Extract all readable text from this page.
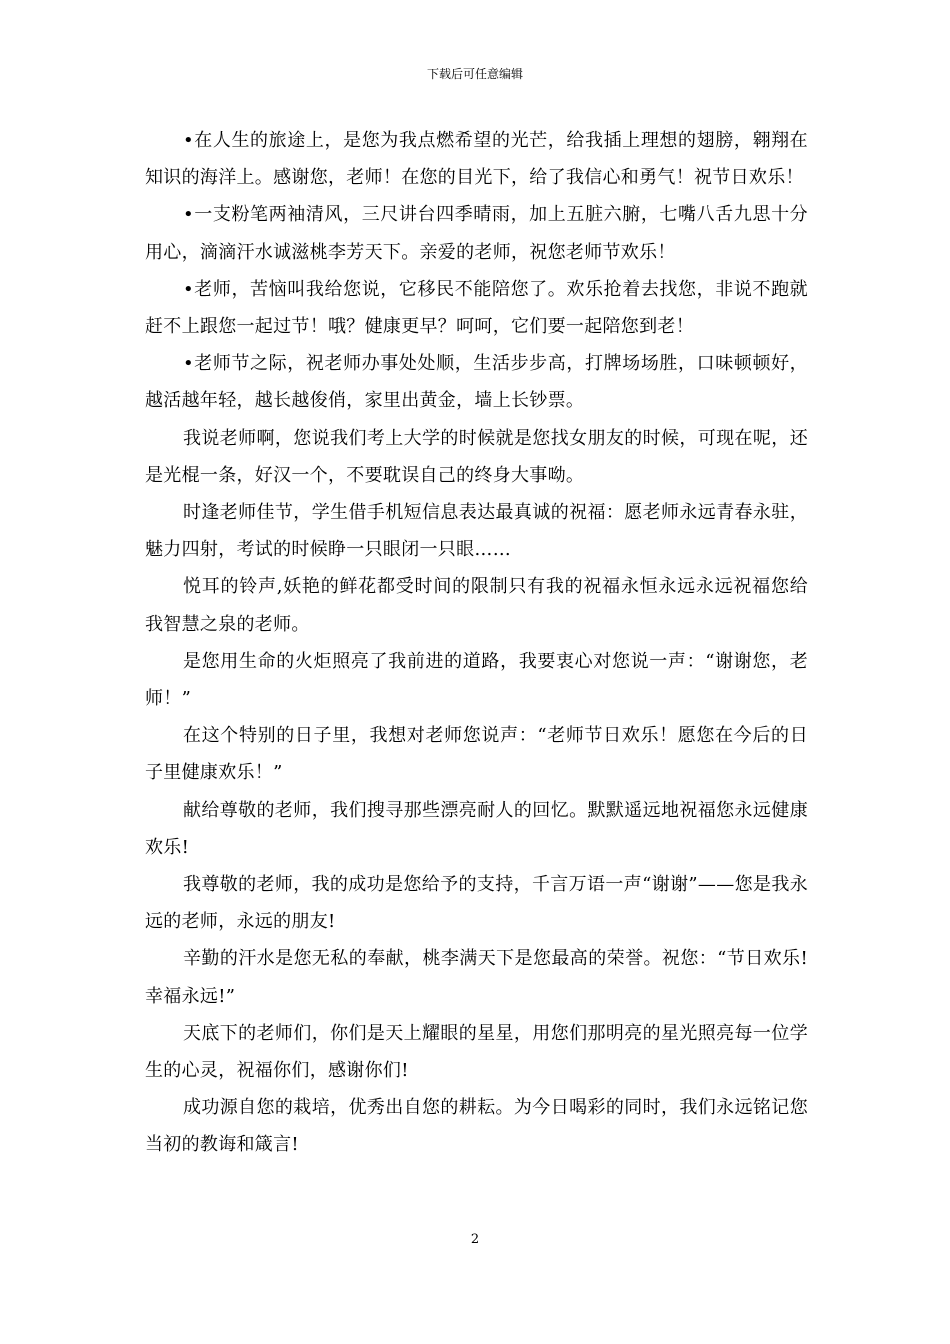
下载后可任意编辑

•在人生的旅途上，是您为我点燃希望的光芒，给我插上理想的翅膀，翱翔在知识的海洋上。感谢您，老师！在您的目光下，给了我信心和勇气！祝节日欢乐！

•一支粉笔两袖清风，三尺讲台四季晴雨，加上五脏六腑，七嘴八舌九思十分用心，滴滴汗水诚滋桃李芳天下。亲爱的老师，祝您老师节欢乐！

•老师，苦恼叫我给您说，它移民不能陪您了。欢乐抢着去找您，非说不跑就赶不上跟您一起过节！哦？健康更早？呵呵，它们要一起陪您到老！

•老师节之际，祝老师办事处处顺，生活步步高，打牌场场胜，口味顿顿好，越活越年轻，越长越俊俏，家里出黄金，墙上长钞票。

我说老师啊，您说我们考上大学的时候就是您找女朋友的时候，可现在呢，还是光棍一条，好汉一个，不要耽误自己的终身大事呦。

时逢老师佳节，学生借手机短信息表达最真诚的祝福：愿老师永远青春永驻，魅力四射，考试的时候睁一只眼闭一只眼……

悦耳的铃声,妖艳的鲜花都受时间的限制只有我的祝福永恒永远永远祝福您给我智慧之泉的老师。

是您用生命的火炬照亮了我前进的道路，我要衷心对您说一声：“谢谢您，老师！”

在这个特别的日子里，我想对老师您说声：“老师节日欢乐！愿您在今后的日子里健康欢乐！”

献给尊敬的老师，我们搜寻那些漂亮耐人的回忆。默默遥远地祝福您永远健康欢乐!

我尊敬的老师，我的成功是您给予的支持，千言万语一声“谢谢”——您是我永远的老师，永远的朋友!

辛勤的汗水是您无私的奉献，桃李满天下是您最高的荣誉。祝您：“节日欢乐!幸福永远!”

天底下的老师们，你们是天上耀眼的星星，用您们那明亮的星光照亮每一位学生的心灵，祝福你们，感谢你们!

成功源自您的栽培，优秀出自您的耕耘。为今日喝彩的同时，我们永远铭记您当初的教诲和箴言!

2
